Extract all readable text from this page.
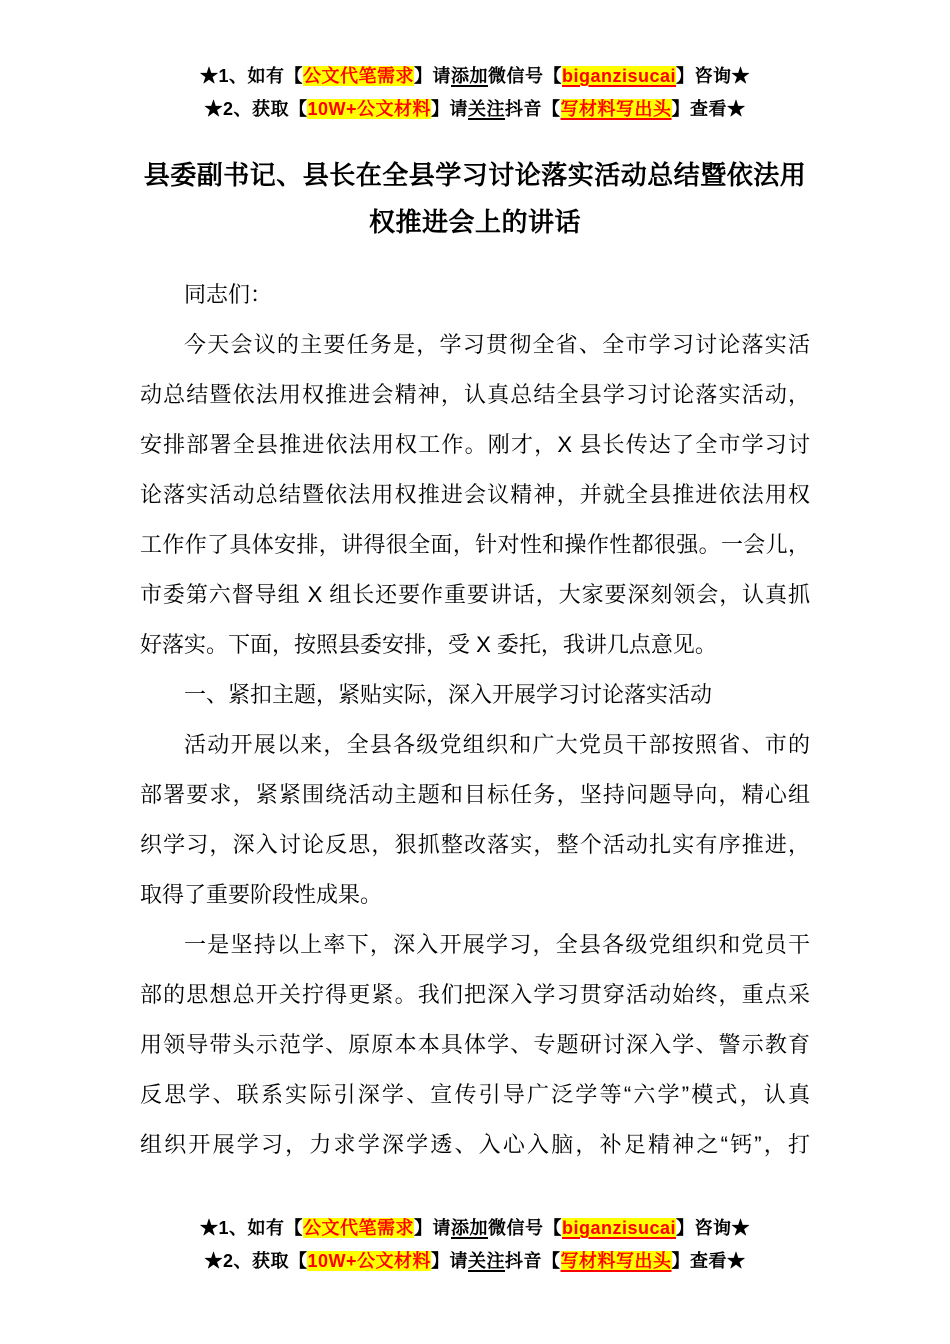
★1、如有【公文代笔需求】请添加微信号【biganzisucai】咨询★
★2、获取【10W+公文材料】请关注抖音【写材料写出头】查看★
县委副书记、县长在全县学习讨论落实活动总结暨依法用
权推进会上的讲话
同志们：
今天会议的主要任务是，学习贯彻全省、全市学习讨论落实活
动总结暨依法用权推进会精神，认真总结全县学习讨论落实活动，
安排部署全县推进依法用权工作。刚才，X 县长传达了全市学习讨
论落实活动总结暨依法用权推进会议精神，并就全县推进依法用权
工作作了具体安排，讲得很全面，针对性和操作性都很强。一会儿，
市委第六督导组 X 组长还要作重要讲话，大家要深刻领会，认真抓
好落实。下面，按照县委安排，受 X 委托，我讲几点意见。
一、紧扣主题，紧贴实际，深入开展学习讨论落实活动
活动开展以来，全县各级党组织和广大党员干部按照省、市的
部署要求，紧紧围绕活动主题和目标任务，坚持问题导向，精心组
织学习，深入讨论反思，狠抓整改落实，整个活动扎实有序推进，
取得了重要阶段性成果。
一是坚持以上率下，深入开展学习，全县各级党组织和党员干
部的思想总开关拧得更紧。我们把深入学习贯穿活动始终，重点采
用领导带头示范学、原原本本具体学、专题研讨深入学、警示教育
反思学、联系实际引深学、宣传引导广泛学等“六学”模式，认真
组织开展学习，力求学深学透、入心入脑，补足精神之“钙”，打
★1、如有【公文代笔需求】请添加微信号【biganzisucai】咨询★
★2、获取【10W+公文材料】请关注抖音【写材料写出头】查看★
